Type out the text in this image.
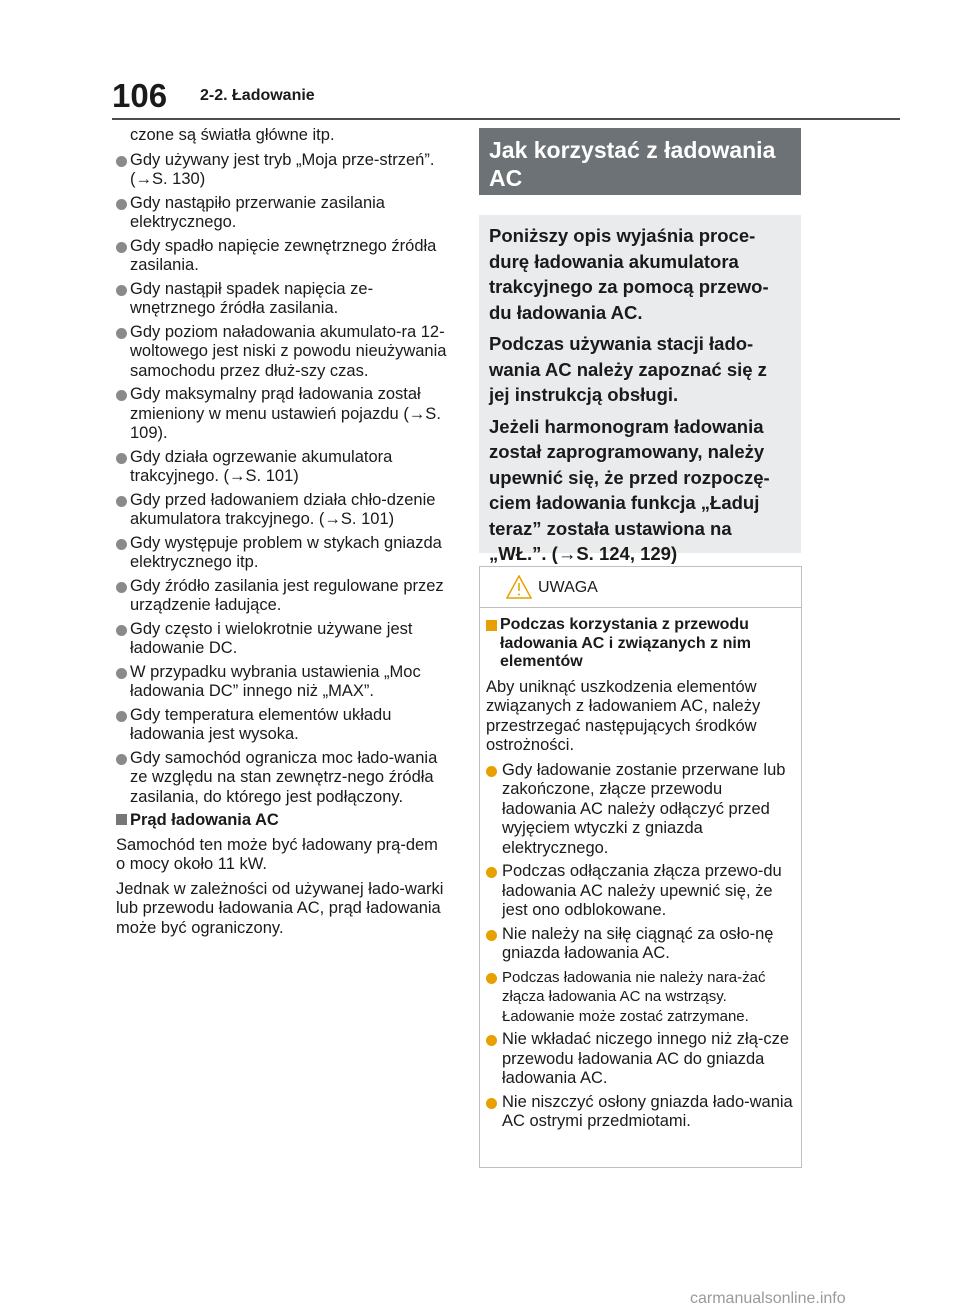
106 2-2. Ładowanie

czone są światła główne itp.

Gdy używany jest tryb „Moja prze-strzeń”. (→S. 130)
Gdy nastąpiło przerwanie zasilania elektrycznego.
Gdy spadło napięcie zewnętrznego źródła zasilania.
Gdy nastąpił spadek napięcia ze-wnętrznego źródła zasilania.
Gdy poziom naładowania akumulato-ra 12-woltowego jest niski z powodu nieużywania samochodu przez dłuż-szy czas.
Gdy maksymalny prąd ładowania został zmieniony w menu ustawień pojazdu (→S. 109).
Gdy działa ogrzewanie akumulatora trakcyjnego. (→S. 101)
Gdy przed ładowaniem działa chło-dzenie akumulatora trakcyjnego. (→S. 101)
Gdy występuje problem w stykach gniazda elektrycznego itp.
Gdy źródło zasilania jest regulowane przez urządzenie ładujące.
Gdy często i wielokrotnie używane jest ładowanie DC.
W przypadku wybrania ustawienia „Moc ładowania DC” innego niż „MAX”.
Gdy temperatura elementów układu ładowania jest wysoka.
Gdy samochód ogranicza moc łado-wania ze względu na stan zewnętrz-nego źródła zasilania, do którego jest podłączony.

Prąd ładowania AC

Samochód ten może być ładowany prą-dem o mocy około 11 kW.

Jednak w zależności od używanej łado-warki lub przewodu ładowania AC, prąd ładowania może być ograniczony.

Jak korzystać z ładowania AC

Poniższy opis wyjaśnia proce-durę ładowania akumulatora trakcyjnego za pomocą przewo-du ładowania AC.

Podczas używania stacji łado-wania AC należy zapoznać się z jej instrukcją obsługi.

Jeżeli harmonogram ładowania został zaprogramowany, należy upewnić się, że przed rozpoczę-ciem ładowania funkcja „Ładuj teraz” została ustawiona na „WŁ.”. (→S. 124, 129)

UWAGA
Podczas korzystania z przewodu ładowania AC i związanych z nim elementów

Aby uniknąć uszkodzenia elementów związanych z ładowaniem AC, należy przestrzegać następujących środków ostrożności.

Gdy ładowanie zostanie przerwane lub zakończone, złącze przewodu ładowania AC należy odłączyć przed wyjęciem wtyczki z gniazda elektrycznego.
Podczas odłączania złącza przewo-du ładowania AC należy upewnić się, że jest ono odblokowane.
Nie należy na siłę ciągnąć za osło-nę gniazda ładowania AC.
Podczas ładowania nie należy nara-żać złącza ładowania AC na wstrząsy. Ładowanie może zostać zatrzymane.
Nie wkładać niczego innego niż złą-cze przewodu ładowania AC do gniazda ładowania AC.
Nie niszczyć osłony gniazda łado-wania AC ostrymi przedmiotami.
carmanualsonline.info
